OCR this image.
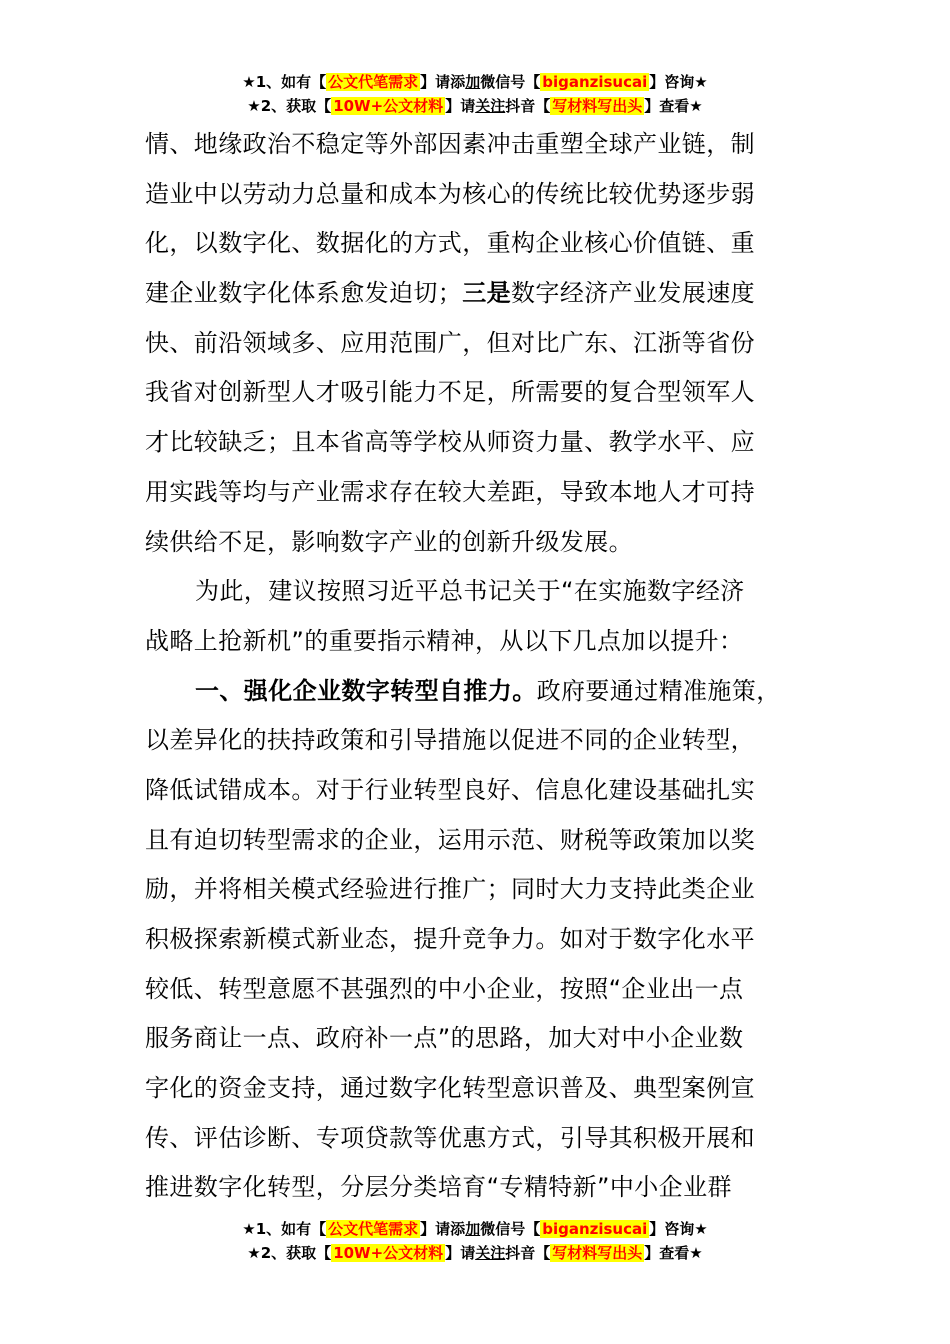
★1、如有【 公文代笔需求 】请添加微信号【 biganzisucai 】咨询★
★2、获取【 10W+公文材料 】请关注抖音【 写材料写出头 】查看★
情、地缘政治不稳定等外部因素冲击重塑全球产业链，制
造业中以劳动力总量和成本为核心的传统比较优势逐步弱
化，以数字化、数据化的方式，重构企业核心价值链、重
建企业数字化体系愈发迫切；三是数字经济产业发展速度
快、前沿领域多、应用范围广，但对比广东、江浙等省份
我省对创新型人才吸引能力不足，所需要的复合型领军人
才比较缺乏；且本省高等学校从师资力量、教学水平、应
用实践等均与产业需求存在较大差距，导致本地人才可持
续供给不足，影响数字产业的创新升级发展。
为此，建议按照习近平总书记关于“在实施数字经济
战略上抢新机”的重要指示精神，从以下几点加以提升：
一、强化企业数字转型自推力。政府要通过精准施策，
以差异化的扶持政策和引导措施以促进不同的企业转型，
降低试错成本。对于行业转型良好、信息化建设基础扎实
且有迫切转型需求的企业，运用示范、财税等政策加以奖
励，并将相关模式经验进行推广；同时大力支持此类企业
积极探索新模式新业态，提升竞争力。如对于数字化水平
较低、转型意愿不甚强烈的中小企业，按照“企业出一点
服务商让一点、政府补一点”的思路，加大对中小企业数
字化的资金支持，通过数字化转型意识普及、典型案例宣
传、评估诊断、专项贷款等优惠方式，引导其积极开展和
推进数字化转型，分层分类培育“专精特新”中小企业群
★1、如有【 公文代笔需求 】请添加微信号【 biganzisucai 】咨询★
★2、获取【 10W+公文材料 】请关注抖音【 写材料写出头 】查看★
